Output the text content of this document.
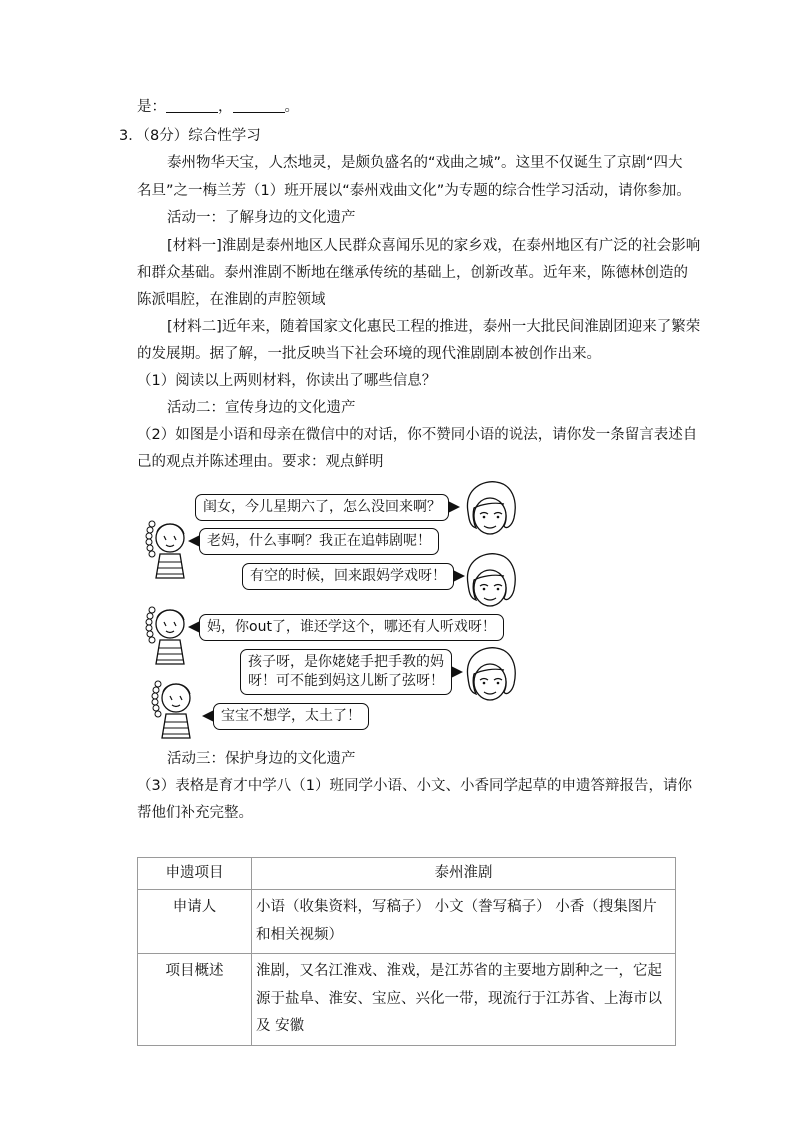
是：	，	。
3．（8分）综合性学习
泰州物华天宝，人杰地灵，是颇负盛名的“戏曲之城”。这里不仅诞生了京剧“四大
名旦”之一梅兰芳（1）班开展以“泰州戏曲文化”为专题的综合性学习活动，请你参加。
活动一：了解身边的文化遗产
[材料一]淮剧是泰州地区人民群众喜闻乐见的家乡戏，在泰州地区有广泛的社会影响
和群众基础。泰州淮剧不断地在继承传统的基础上，创新改革。近年来，陈德林创造的
陈派唱腔，在淮剧的声腔领域
[材料二]近年来，随着国家文化惠民工程的推进，泰州一大批民间淮剧团迎来了繁荣
的发展期。据了解，一批反映当下社会环境的现代淮剧剧本被创作出来。
（1）阅读以上两则材料，你读出了哪些信息？
活动二：宣传身边的文化遗产
（2）如图是小语和母亲在微信中的对话，你不赞同小语的说法，请你发一条留言表述自
己的观点并陈述理由。要求：观点鲜明
闺女，今儿星期六了，怎么没回来啊？
老妈，什么事啊？我正在追韩剧呢！
有空的时候，回来跟妈学戏呀！
妈，你out了，谁还学这个，哪还有人听戏呀！
孩子呀，是你姥姥手把手教的妈
呀！可不能到妈这儿断了弦呀！
宝宝不想学，太土了！
活动三：保护身边的文化遗产
（3）表格是育才中学八（1）班同学小语、小文、小香同学起草的申遗答辩报告，请你
帮他们补充完整。
申遗项目	泰州淮剧
申请人	小语（收集资料，写稿子） 小文（誊写稿子） 小香（搜集图片和相关视频）
项目概述	淮剧，又名江淮戏、淮戏，是江苏省的主要地方剧种之一，它起源于盐阜、淮安、宝应、兴化一带，现流行于江苏省、上海市以及 安徽
